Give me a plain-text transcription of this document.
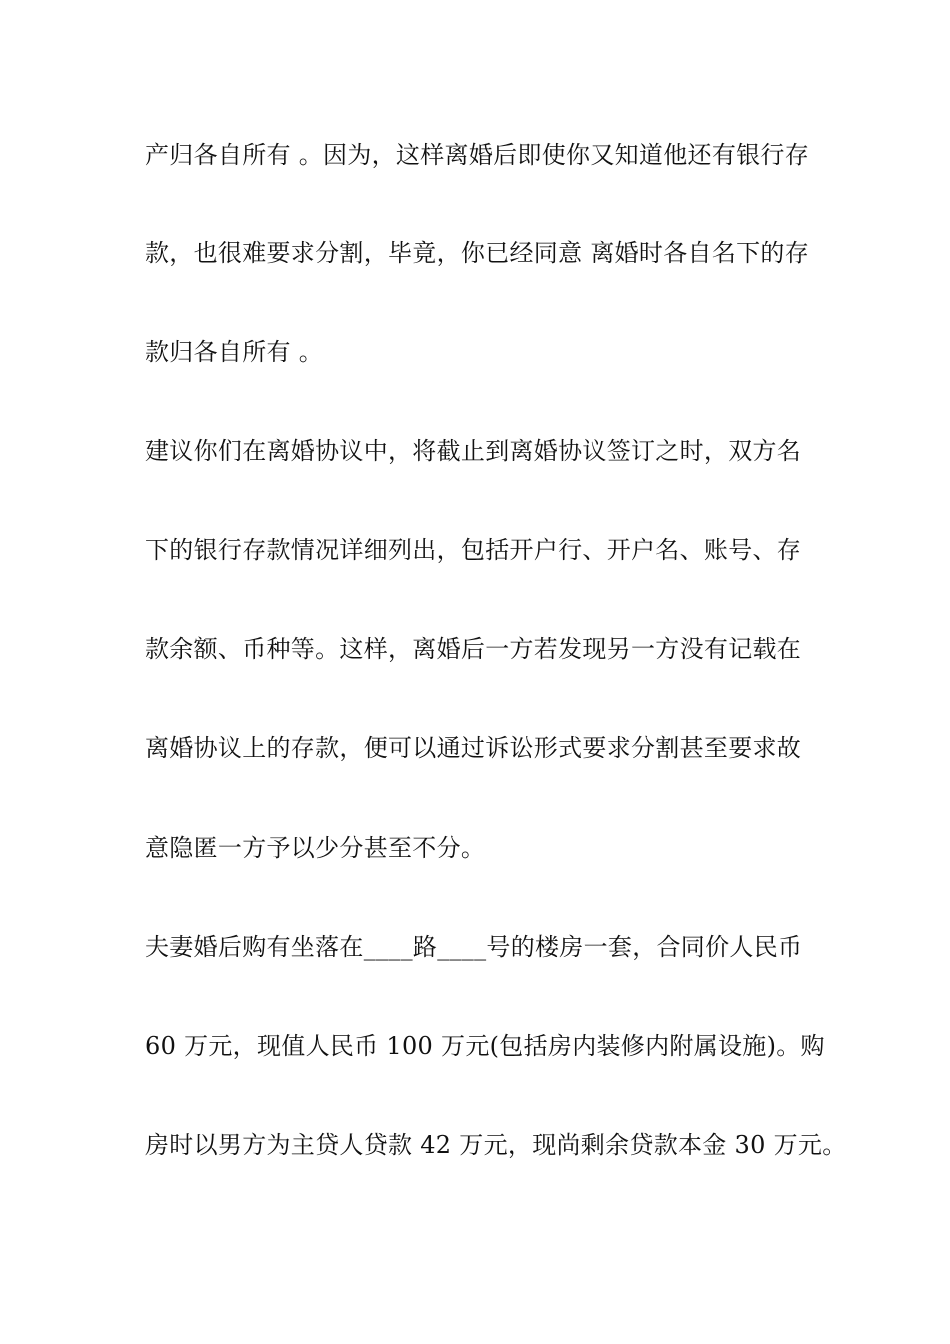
产归各自所有 。因为，这样离婚后即使你又知道他还有银行存
款，也很难要求分割，毕竟，你已经同意 离婚时各自名下的存
款归各自所有 。
建议你们在离婚协议中，将截止到离婚协议签订之时，双方名
下的银行存款情况详细列出，包括开户行、开户名、账号、存
款余额、币种等。这样，离婚后一方若发现另一方没有记载在
离婚协议上的存款，便可以通过诉讼形式要求分割甚至要求故
意隐匿一方予以少分甚至不分。
夫妻婚后购有坐落在____路____号的楼房一套，合同价人民币
60 万元，现值人民币 100 万元(包括房内装修内附属设施)。购
房时以男方为主贷人贷款 42 万元，现尚剩余贷款本金 30 万元。
